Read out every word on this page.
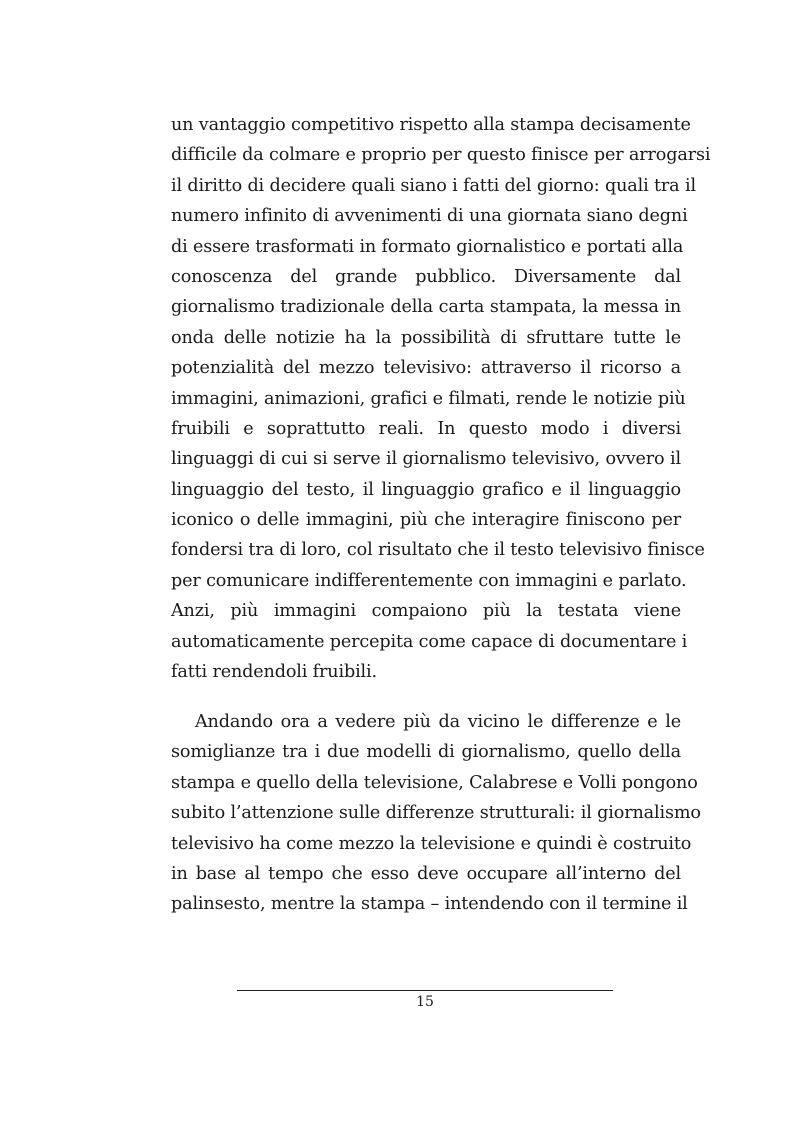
un vantaggio competitivo rispetto alla stampa decisamente
difficile da colmare e proprio per questo finisce per arrogarsi
il diritto di decidere quali siano i fatti del giorno: quali tra il
numero infinito di avvenimenti di una giornata siano degni
di essere trasformati in formato giornalistico e portati alla
conoscenza del grande pubblico. Diversamente dal
giornalismo tradizionale della carta stampata, la messa in
onda delle notizie ha la possibilità di sfruttare tutte le
potenzialità del mezzo televisivo: attraverso il ricorso a
immagini, animazioni, grafici e filmati, rende le notizie più
fruibili e soprattutto reali. In questo modo i diversi
linguaggi di cui si serve il giornalismo televisivo, ovvero il
linguaggio del testo, il linguaggio grafico e il linguaggio
iconico o delle immagini, più che interagire finiscono per
fondersi tra di loro, col risultato che il testo televisivo finisce
per comunicare indifferentemente con immagini e parlato.
Anzi, più immagini compaiono più la testata viene
automaticamente percepita come capace di documentare i
fatti rendendoli fruibili.
Andando ora a vedere più da vicino le differenze e le
somiglianze tra i due modelli di giornalismo, quello della
stampa e quello della televisione, Calabrese e Volli pongono
subito l’attenzione sulle differenze strutturali: il giornalismo
televisivo ha come mezzo la televisione e quindi è costruito
in base al tempo che esso deve occupare all’interno del
palinsesto, mentre la stampa – intendendo con il termine il
15
